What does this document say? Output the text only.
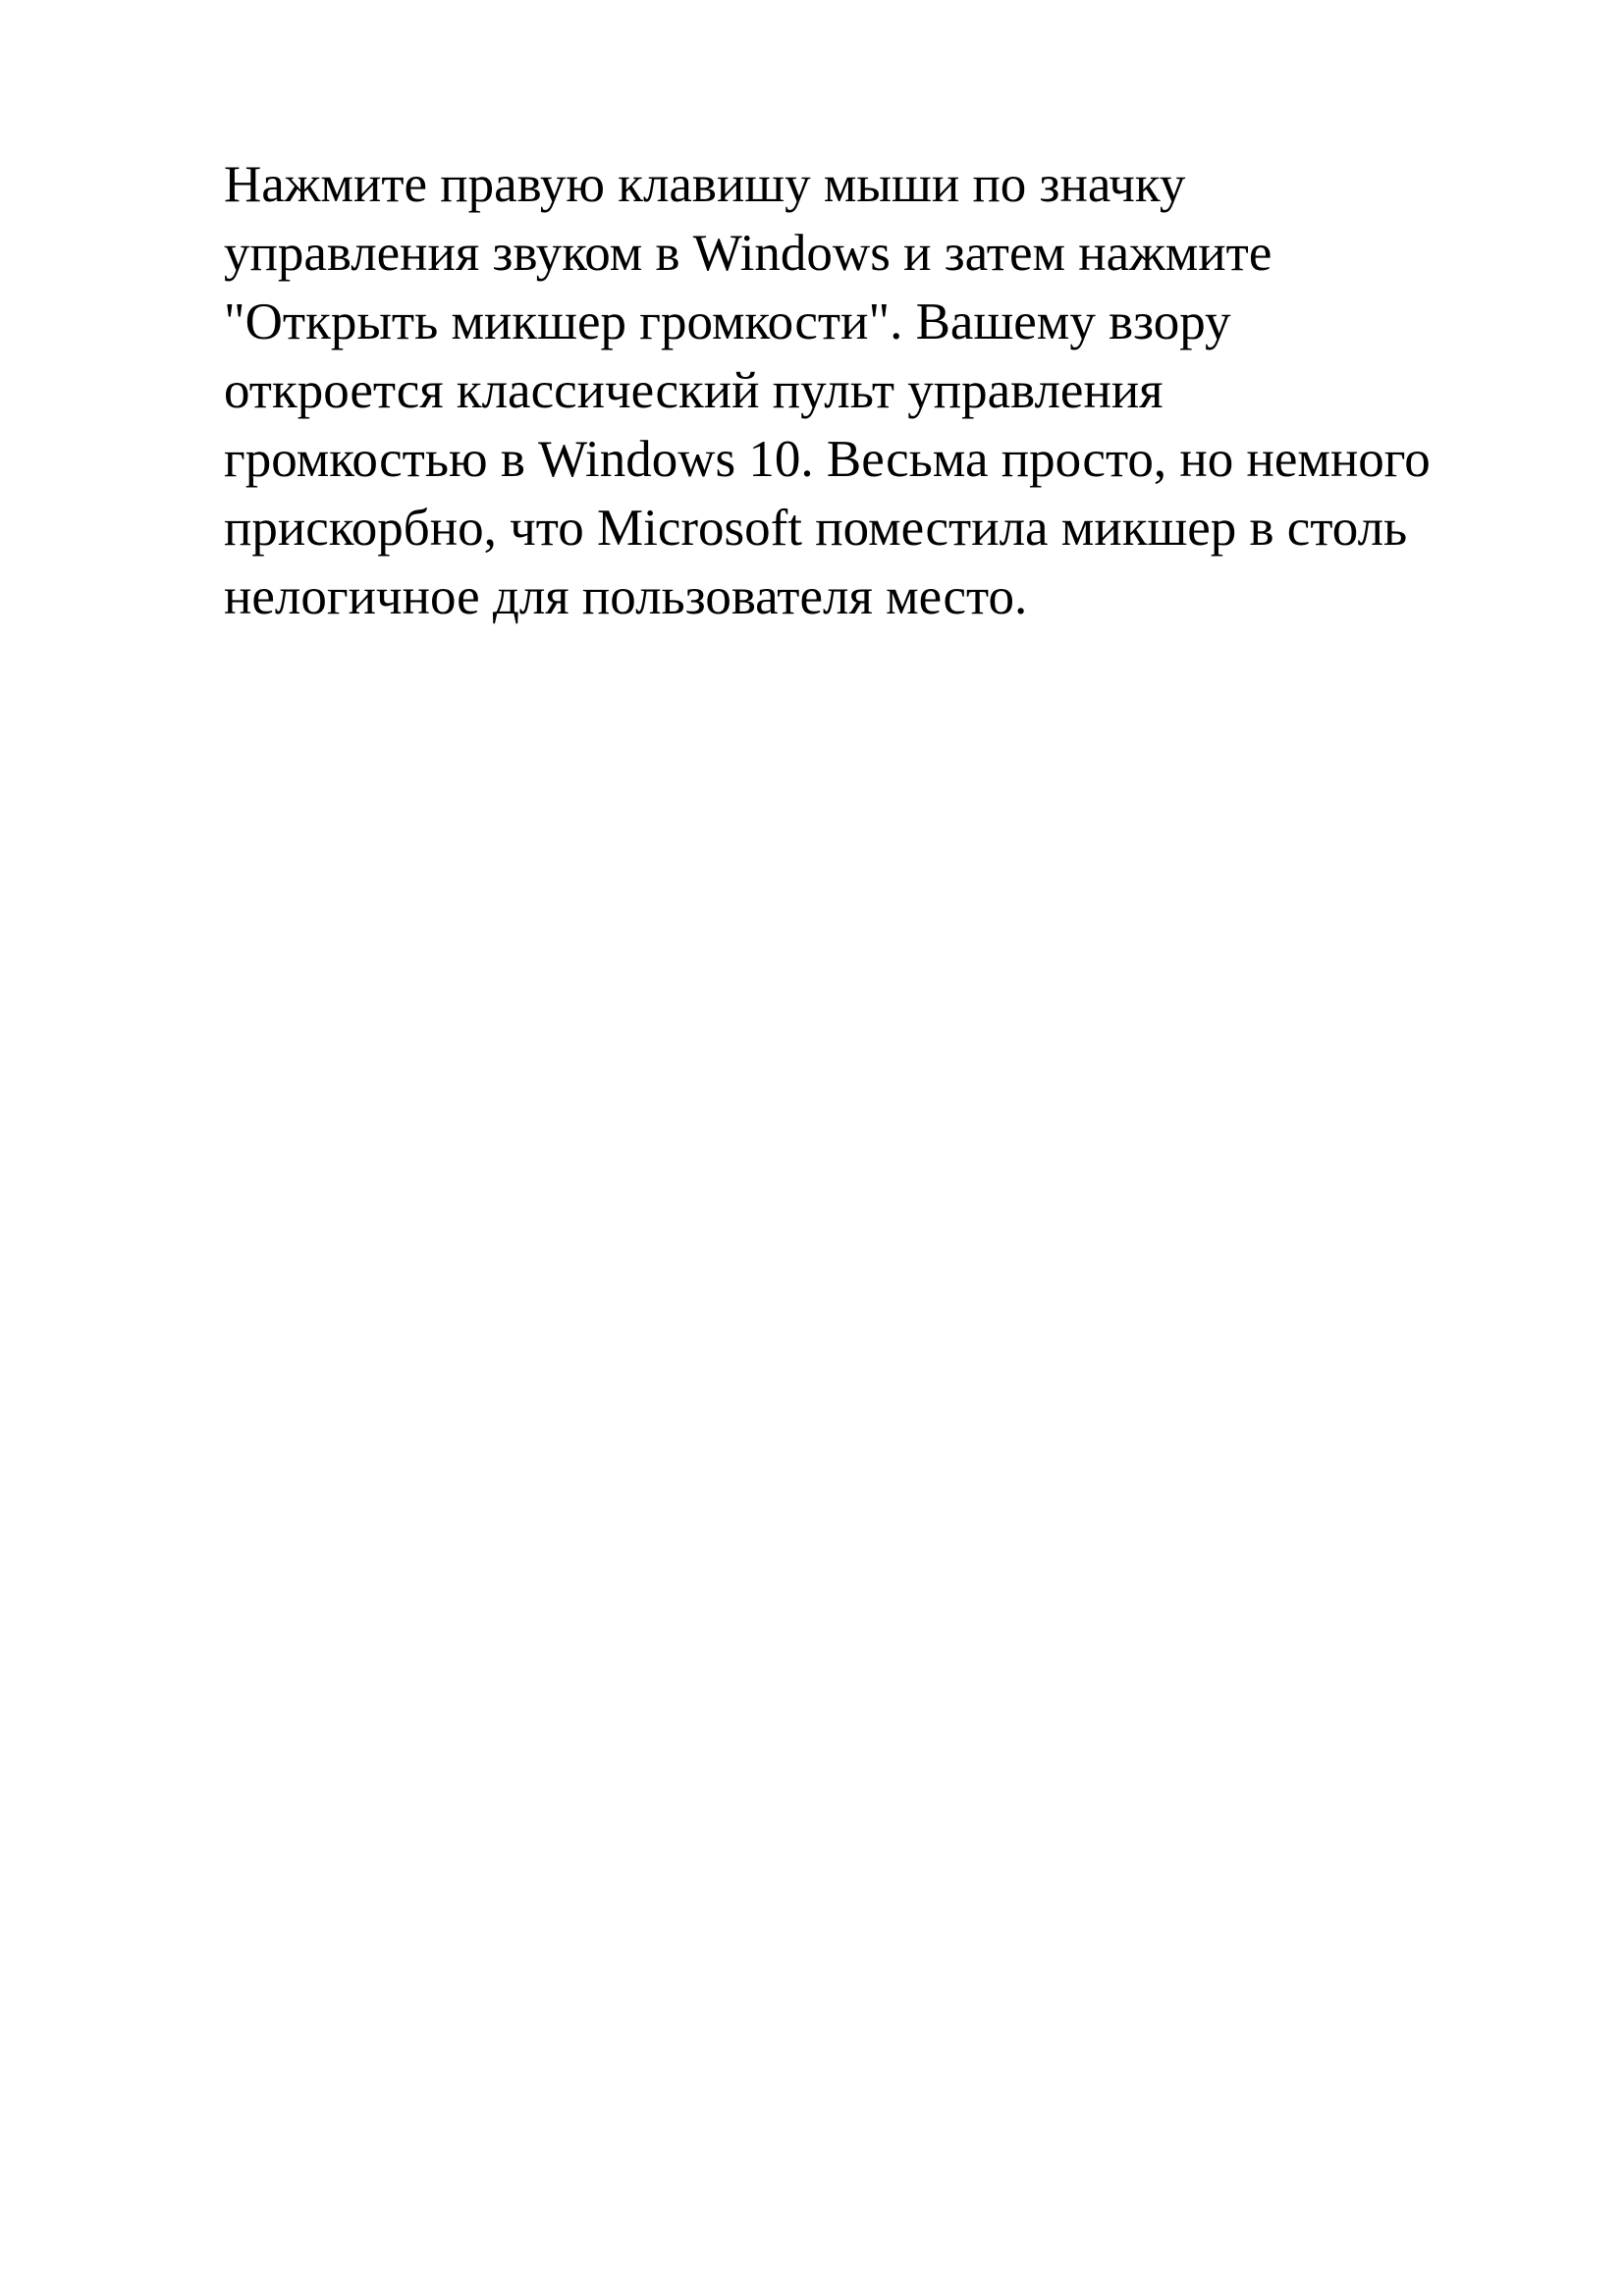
Нажмите правую клавишу мыши по значку
управления звуком в Windows и затем нажмите
"Открыть микшер громкости". Вашему взору
откроется классический пульт управления
громкостью в Windows 10. Весьма просто, но немного
прискорбно, что Microsoft поместила микшер в столь
нелогичное для пользователя место.
